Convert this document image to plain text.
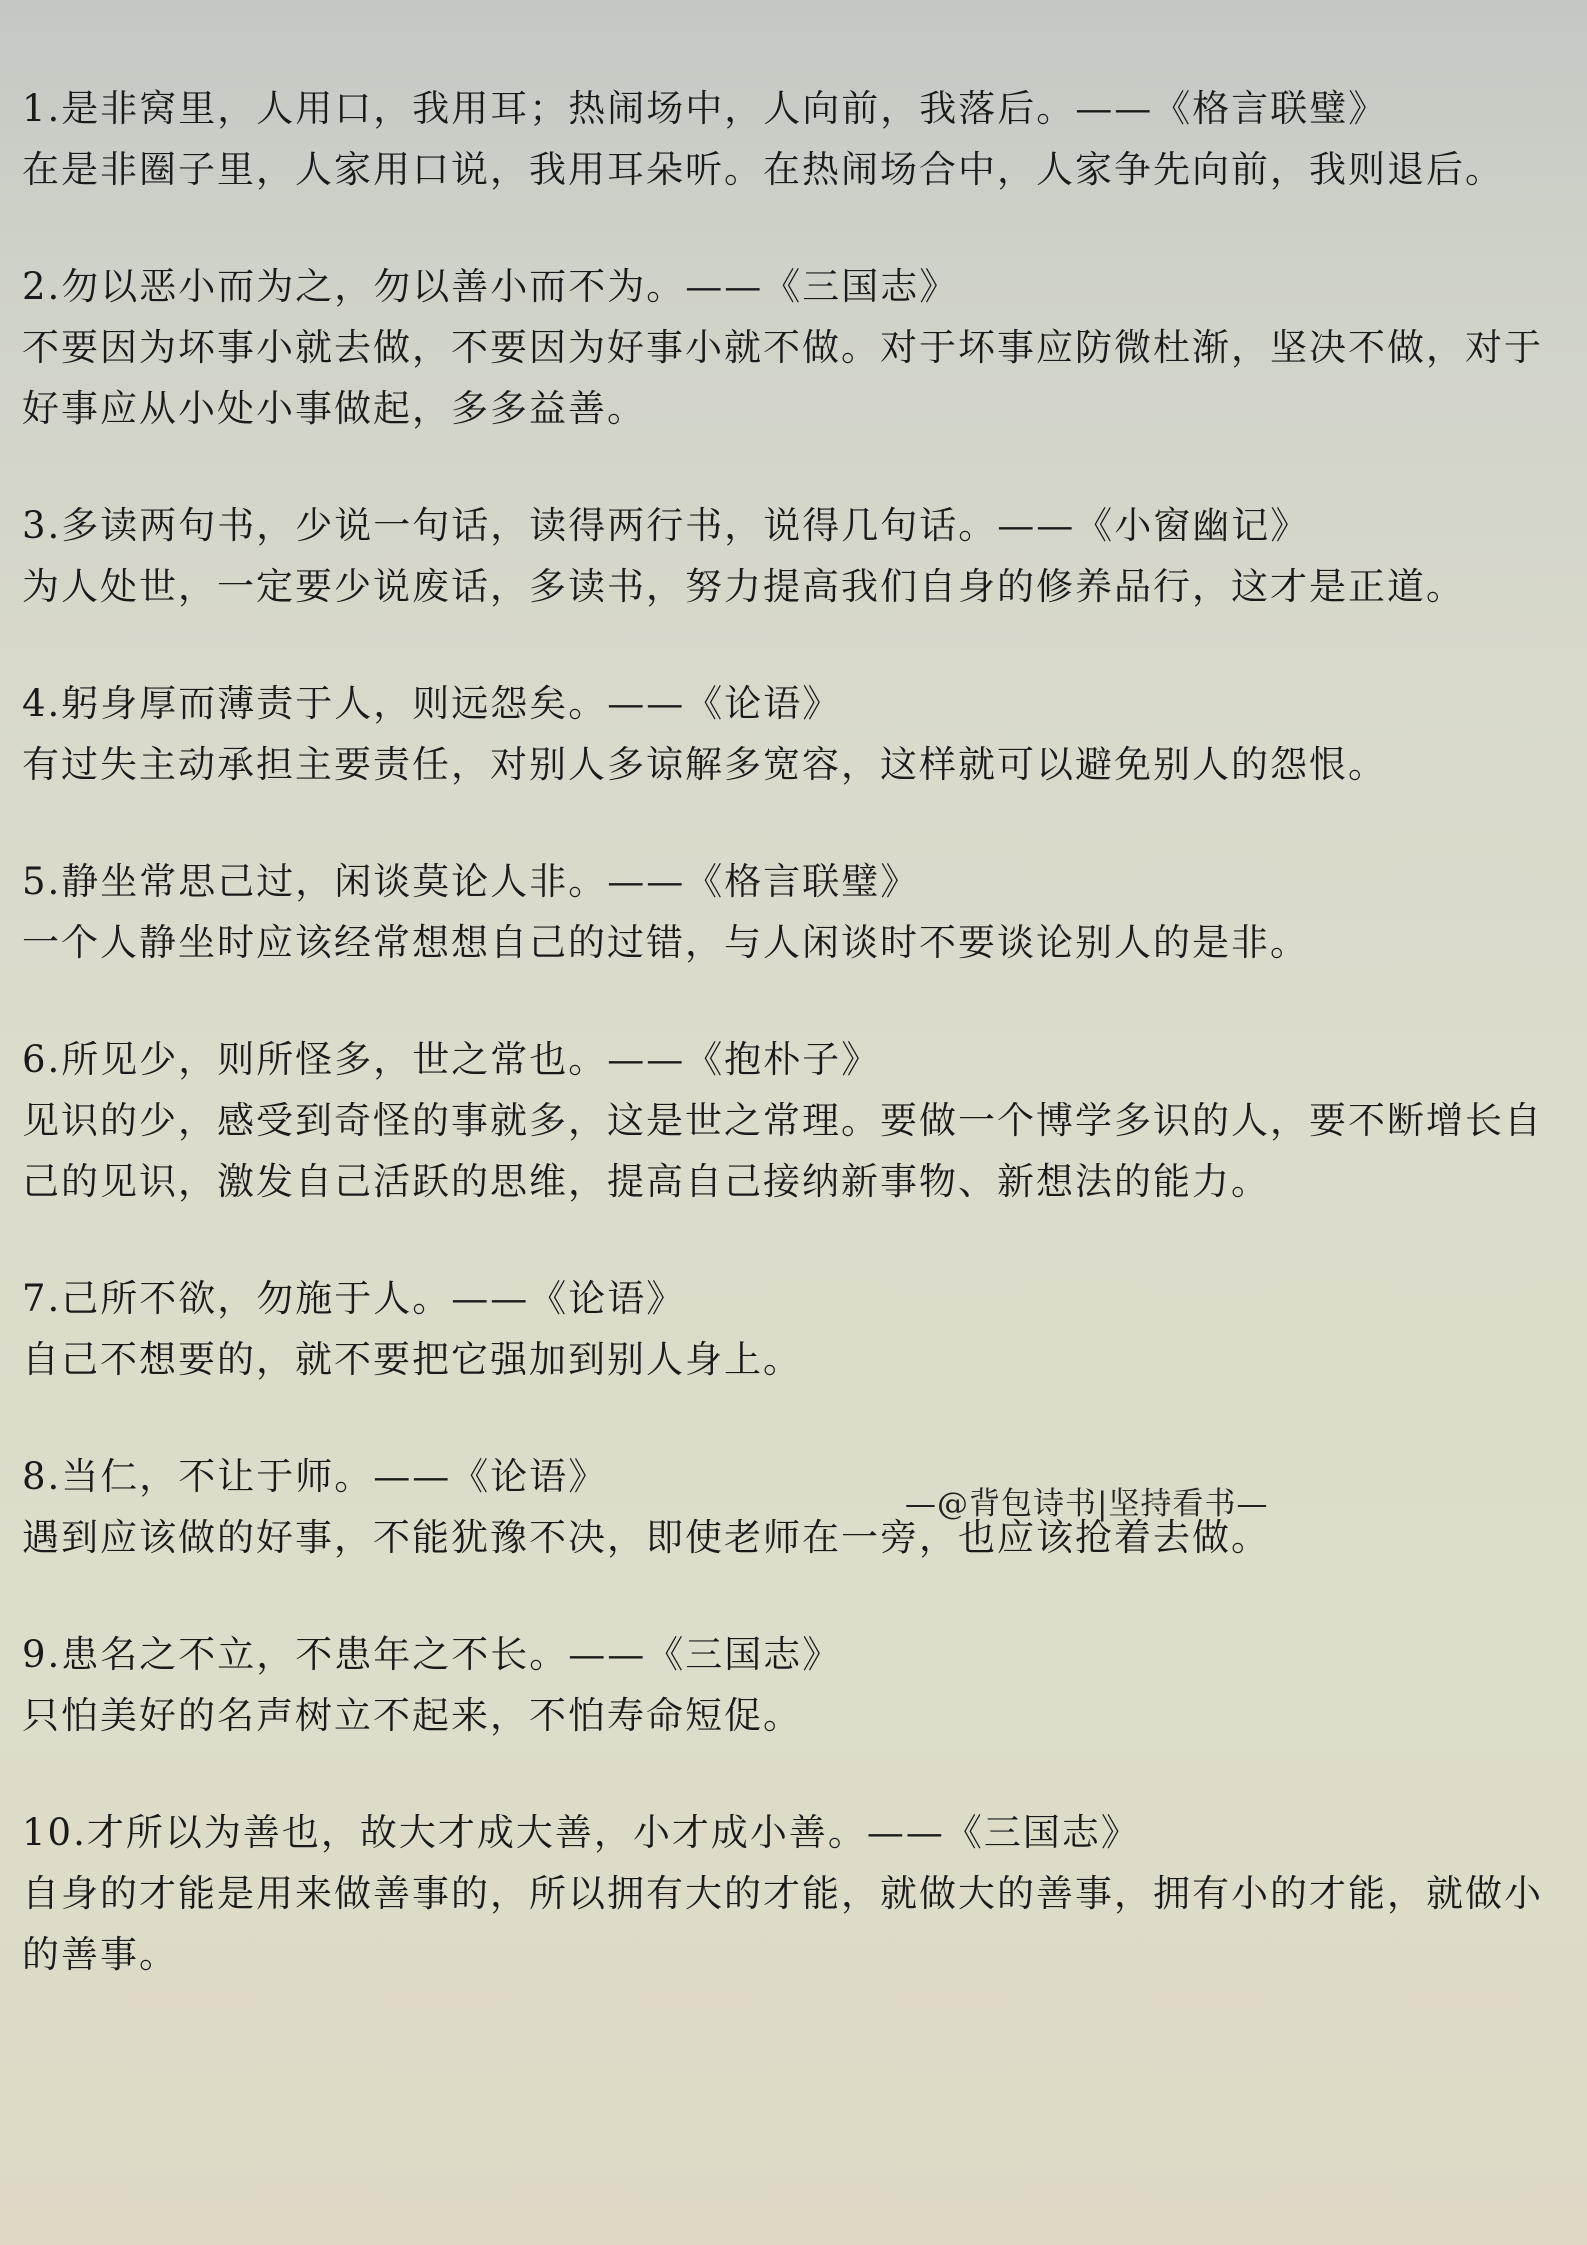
1.是非窝里，人用口，我用耳；热闹场中，人向前，我落后。——《格言联璧》

在是非圈子里，人家用口说，我用耳朵听。在热闹场合中，人家争先向前，我则退后。

2.勿以恶小而为之，勿以善小而不为。——《三国志》

不要因为坏事小就去做，不要因为好事小就不做。对于坏事应防微杜渐，坚决不做，对于好事应从小处小事做起，多多益善。

3.多读两句书，少说一句话，读得两行书，说得几句话。——《小窗幽记》

为人处世，一定要少说废话，多读书，努力提高我们自身的修养品行，这才是正道。

4.躬身厚而薄责于人，则远怨矣。——《论语》

有过失主动承担主要责任，对别人多谅解多宽容，这样就可以避免别人的怨恨。

5.静坐常思己过，闲谈莫论人非。——《格言联璧》

一个人静坐时应该经常想想自己的过错，与人闲谈时不要谈论别人的是非。

6.所见少，则所怪多，世之常也。——《抱朴子》

见识的少，感受到奇怪的事就多，这是世之常理。要做一个博学多识的人，要不断增长自己的见识，激发自己活跃的思维，提高自己接纳新事物、新想法的能力。

7.己所不欲，勿施于人。——《论语》

自己不想要的，就不要把它强加到别人身上。

8.当仁，不让于师。——《论语》

遇到应该做的好事，不能犹豫不决，即使老师在一旁，也应该抢着去做。

9.患名之不立，不患年之不长。——《三国志》

只怕美好的名声树立不起来，不怕寿命短促。

10.才所以为善也，故大才成大善，小才成小善。——《三国志》

自身的才能是用来做善事的，所以拥有大的才能，就做大的善事，拥有小的才能，就做小的善事。

—@背包诗书|坚持看书—
